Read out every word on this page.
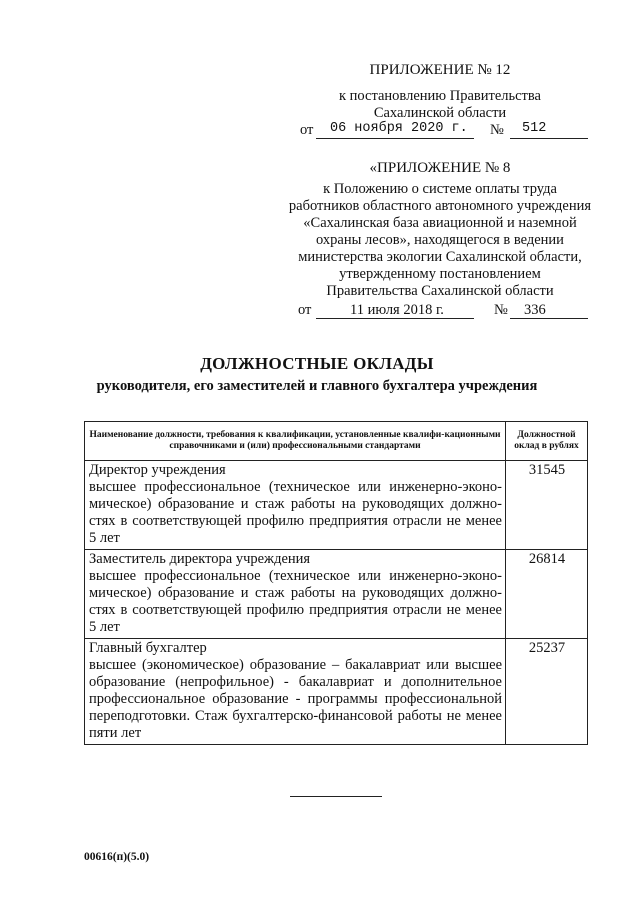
ПРИЛОЖЕНИЕ № 12
к постановлению Правительства
Сахалинской области
от 06 ноября 2020 г. № 512
«ПРИЛОЖЕНИЕ № 8
к Положению о системе оплаты труда
работников областного автономного учреждения
«Сахалинская база авиационной и наземной
охраны лесов», находящегося в ведении
министерства экологии Сахалинской области,
утвержденному постановлением
Правительства Сахалинской области
от	11 июля 2018 г.	№ 336
ДОЛЖНОСТНЫЕ ОКЛАДЫ
руководителя, его заместителей и главного бухгалтера учреждения
Наименование должности, требования к квалификации, установленные квалифи-кационными справочниками и (или) профессиональными стандартами	Должностной оклад в рублях

Директор учреждения
высшее профессиональное (техническое или инженерно-эконо-мическое) образование и стаж работы на руководящих должно-стях в соответствующей профилю предприятия отрасли не менее 5 лет	31545

Заместитель директора учреждения
высшее профессиональное (техническое или инженерно-эконо-мическое) образование и стаж работы на руководящих должно-стях в соответствующей профилю предприятия отрасли не менее 5 лет	26814

Главный бухгалтер
высшее (экономическое) образование – бакалавриат или высшее образование (непрофильное) - бакалавриат и дополнительное профессиональное образование - программы профессиональной переподготовки. Стаж бухгалтерско-финансовой работы не менее пяти лет	25237
00616(п)(5.0)
